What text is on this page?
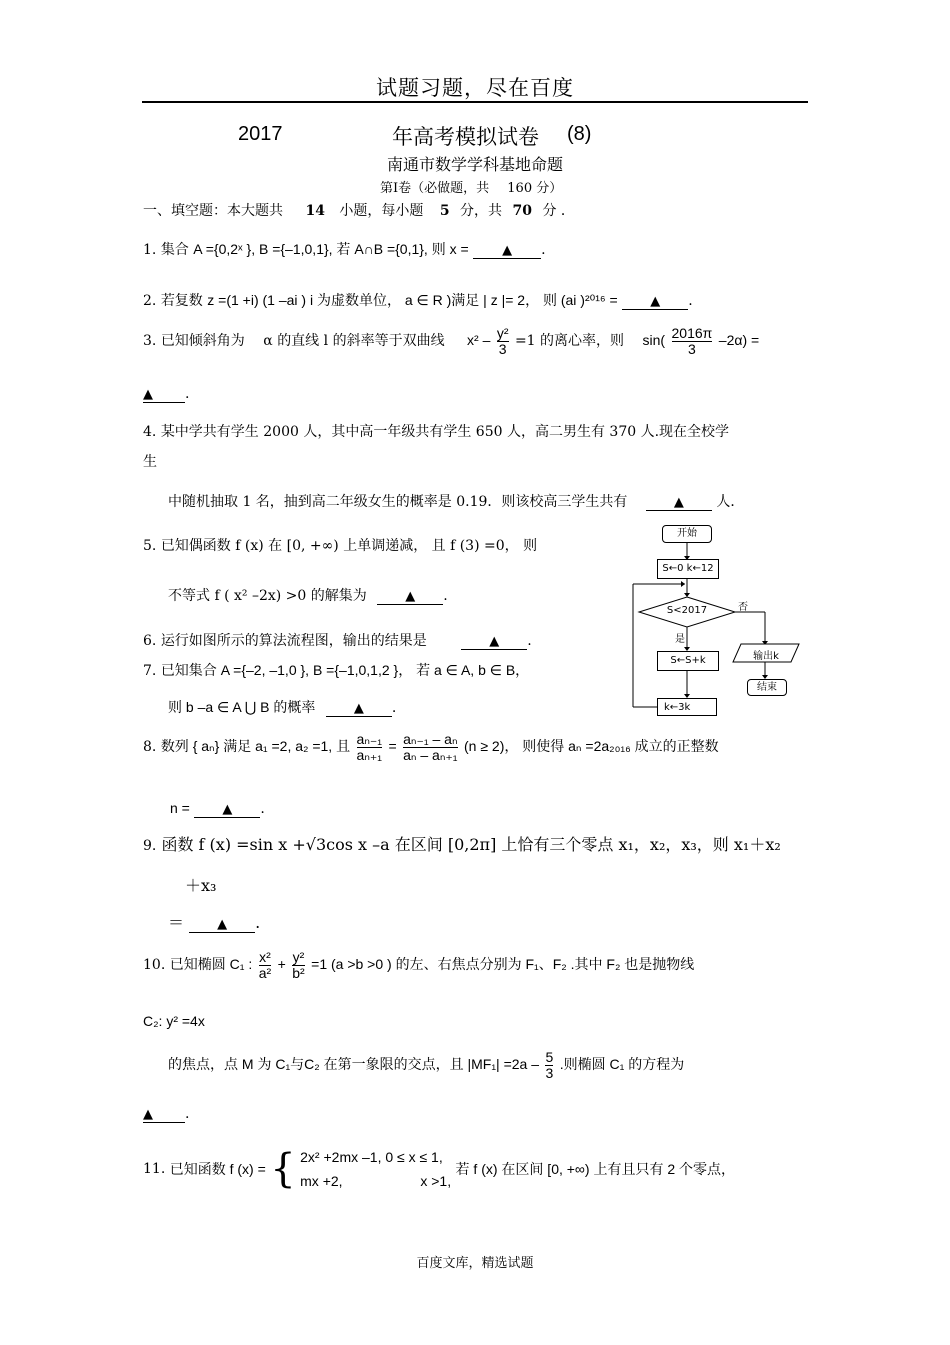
试题习题，尽在百度
2017	年高考模拟试卷 (8)
南通市数学学科基地命题
第Ⅰ卷（必做题，共 160 分）
一、填空题：本大题共 14 小题，每小题 5 分，共 70 分 ．
1. 集合 A ={0,2ˣ }, B ={–1,0,1}, 若 A∩B ={0,1}, 则 x =	▲ .
2. 若复数 z =(1 +i) (1 –ai ) i 为虚数单位， a ∈ R )满足 | z |= 2， 则 (ai )²⁰¹⁶ = ▲ .
3. 已知倾斜角为 α 的直线 l 的斜率等于双曲线 $x^2 - \frac{\text{y²}}{3} =1$ 的离心率，则 $\sin( \frac{2016\pi}{3} -2\alpha)$ =
▲ .
4. 某中学共有学生 2000 人，其中高一年级共有学生 650 人，高二男生有 370 人.现在全校学
生
中随机抽取 1 名，抽到高二年级女生的概率是 0.19．则该校高三学生共有	▲ 人．
5. 已知偶函数 f (x) 在 [0, +∞) 上单调递减， 且 f (3) =0， 则
不等式 f ( x² –2x) >0 的解集为	▲ .
6. 运行如图所示的算法流程图，输出的结果是	▲ .
7. 已知集合 A ={–2, –1,0 }, B ={–1,0,1,2 }， 若 a ∈ A, b ∈ B，
则 b –a ∈ A ⋃ B 的概率	▲ .
开始
S←0 k←12
S<2017	否
是
S←S+k	输出k
结束
k←3k
8. 数列 { aₙ} 满足 a₁ =2, a₂ =1, 且 $\frac{\text{aₙ₋₁}}{\text{aₙ₊₁}} = \frac{\text{aₙ₋₁ – aₙ}}{\text{aₙ – aₙ₊₁}} (n \ge 2)$， 则使得 aₙ =2a₂₀₁₆ 成立的正整数
n = ▲ .
9. 函数 f (x) =sin x +√3cos x –a 在区间 [0,2π] 上恰有三个零点 x₁，x₂，x₃，则 x₁＋x₂
＋x₃
＝	▲ .
10. 已知椭圆 C₁ : $\frac{\text{x²}}{\text{a²}} + \frac{\text{y²}}{\text{b²}} =1$ (a >b >0 ) 的左、右焦点分别为 F₁、F₂ .其中 F₂ 也是抛物线
C₂: y² =4x
的焦点，点 M 为 C₁与C₂ 在第一象限的交点，且 $|MF_1| =2a - \frac{5}{3}$ .则椭圆 C₁ 的方程为
▲ .
11. 已知函数 f (x) = { 2x² +2mx –1, 0 ≤ x ≤ 1,
mx +2,                    x >1,
若 f (x) 在区间 [0, +∞) 上有且只有 2 个零点，
百度文库，精选试题
